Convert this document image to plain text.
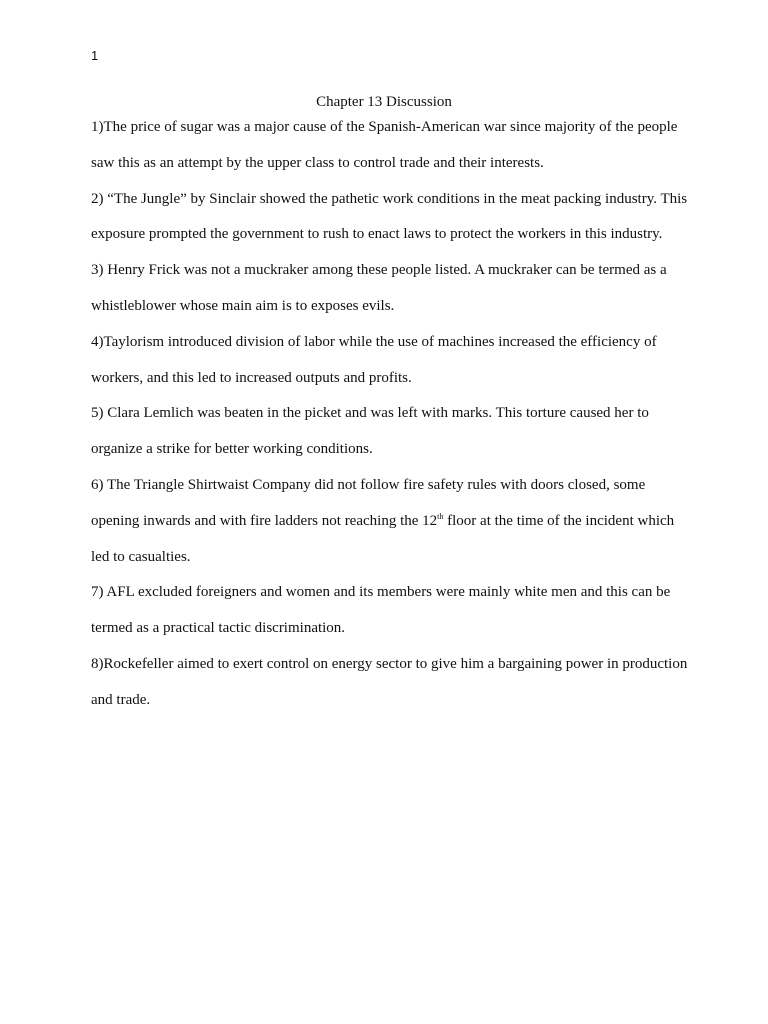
1
Chapter 13 Discussion

1)The price of sugar was a major cause of the Spanish-American war since majority of the people saw this as an attempt by the upper class to control trade and their interests.

2) “The Jungle” by Sinclair showed the pathetic work conditions in the meat packing industry. This exposure prompted the government to rush to enact laws to protect the workers in this industry.

3) Henry Frick was not a muckraker among these people listed. A muckraker can be termed as a whistleblower whose main aim is to exposes evils.

4)Taylorism introduced division of labor while the use of machines increased the efficiency of workers, and this led to increased outputs and profits.

5) Clara Lemlich was beaten in the picket and was left with marks. This torture caused her to organize a strike for better working conditions.

6) The Triangle Shirtwaist Company did not follow fire safety rules with doors closed, some opening inwards and with fire ladders not reaching the 12th floor at the time of the incident which led to casualties.

7) AFL excluded foreigners and women and its members were mainly white men and this can be termed as a practical tactic discrimination.

8)Rockefeller aimed to exert control on energy sector to give him a bargaining power in production and trade.
